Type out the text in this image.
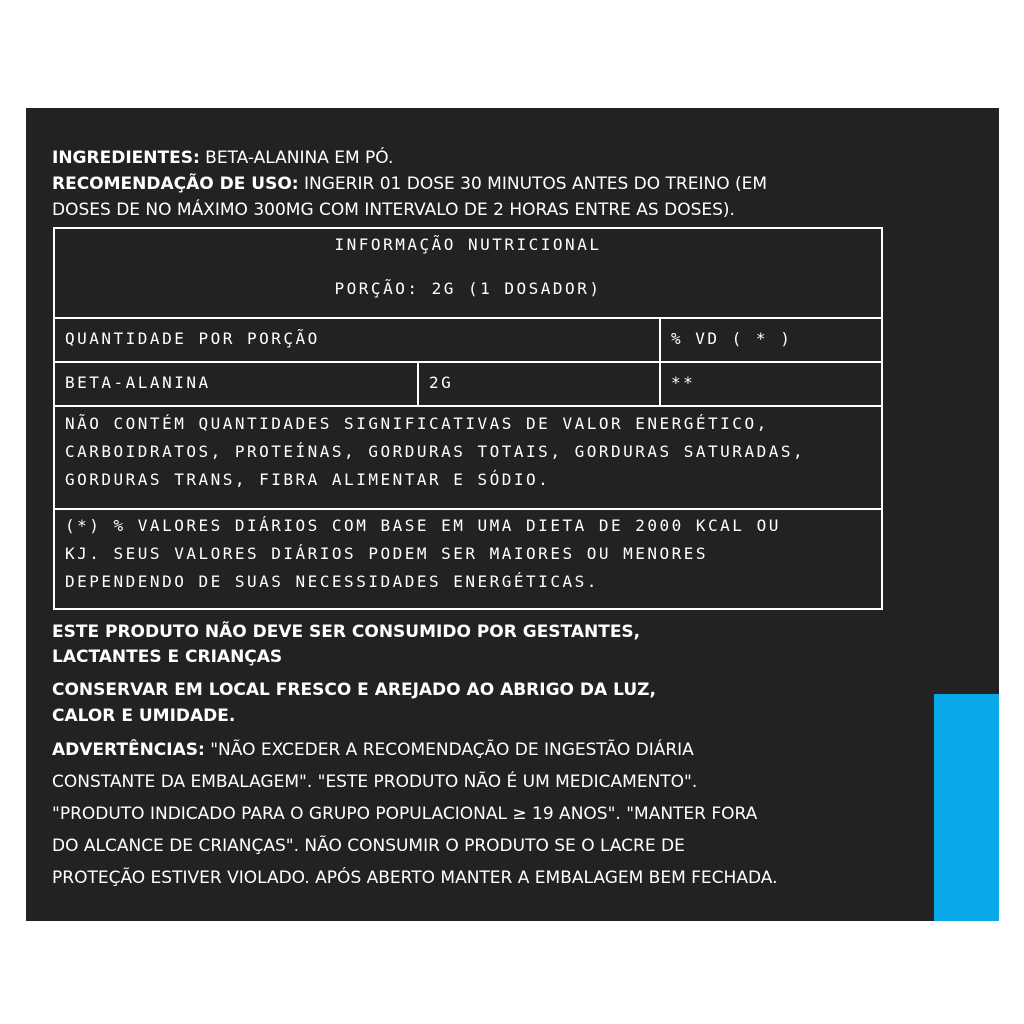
INGREDIENTES: BETA-ALANINA EM PÓ.
RECOMENDAÇÃO DE USO: INGERIR 01 DOSE 30 MINUTOS ANTES DO TREINO (EM
DOSES DE NO MÁXIMO 300MG COM INTERVALO DE 2 HORAS ENTRE AS DOSES).
INFORMAÇÃO NUTRICIONAL
PORÇÃO: 2G (1 DOSADOR)
QUANTIDADE POR PORÇÃO	% VD ( * )
BETA-ALANINA	2G	**
NÃO CONTÉM QUANTIDADES SIGNIFICATIVAS DE VALOR ENERGÉTICO,
CARBOIDRATOS, PROTEÍNAS, GORDURAS TOTAIS, GORDURAS SATURADAS,
GORDURAS TRANS, FIBRA ALIMENTAR E SÓDIO.
(*) % VALORES DIÁRIOS COM BASE EM UMA DIETA DE 2000 KCAL OU
KJ. SEUS VALORES DIÁRIOS PODEM SER MAIORES OU MENORES
DEPENDENDO DE SUAS NECESSIDADES ENERGÉTICAS.
ESTE PRODUTO NÃO DEVE SER CONSUMIDO POR GESTANTES,
LACTANTES E CRIANÇAS
CONSERVAR EM LOCAL FRESCO E AREJADO AO ABRIGO DA LUZ,
CALOR E UMIDADE.
ADVERTÊNCIAS: "NÃO EXCEDER A RECOMENDAÇÃO DE INGESTÃO DIÁRIA
CONSTANTE DA EMBALAGEM". "ESTE PRODUTO NÃO É UM MEDICAMENTO".
"PRODUTO INDICADO PARA O GRUPO POPULACIONAL ≥ 19 ANOS". "MANTER FORA
DO ALCANCE DE CRIANÇAS". NÃO CONSUMIR O PRODUTO SE O LACRE DE
PROTEÇÃO ESTIVER VIOLADO. APÓS ABERTO MANTER A EMBALAGEM BEM FECHADA.
